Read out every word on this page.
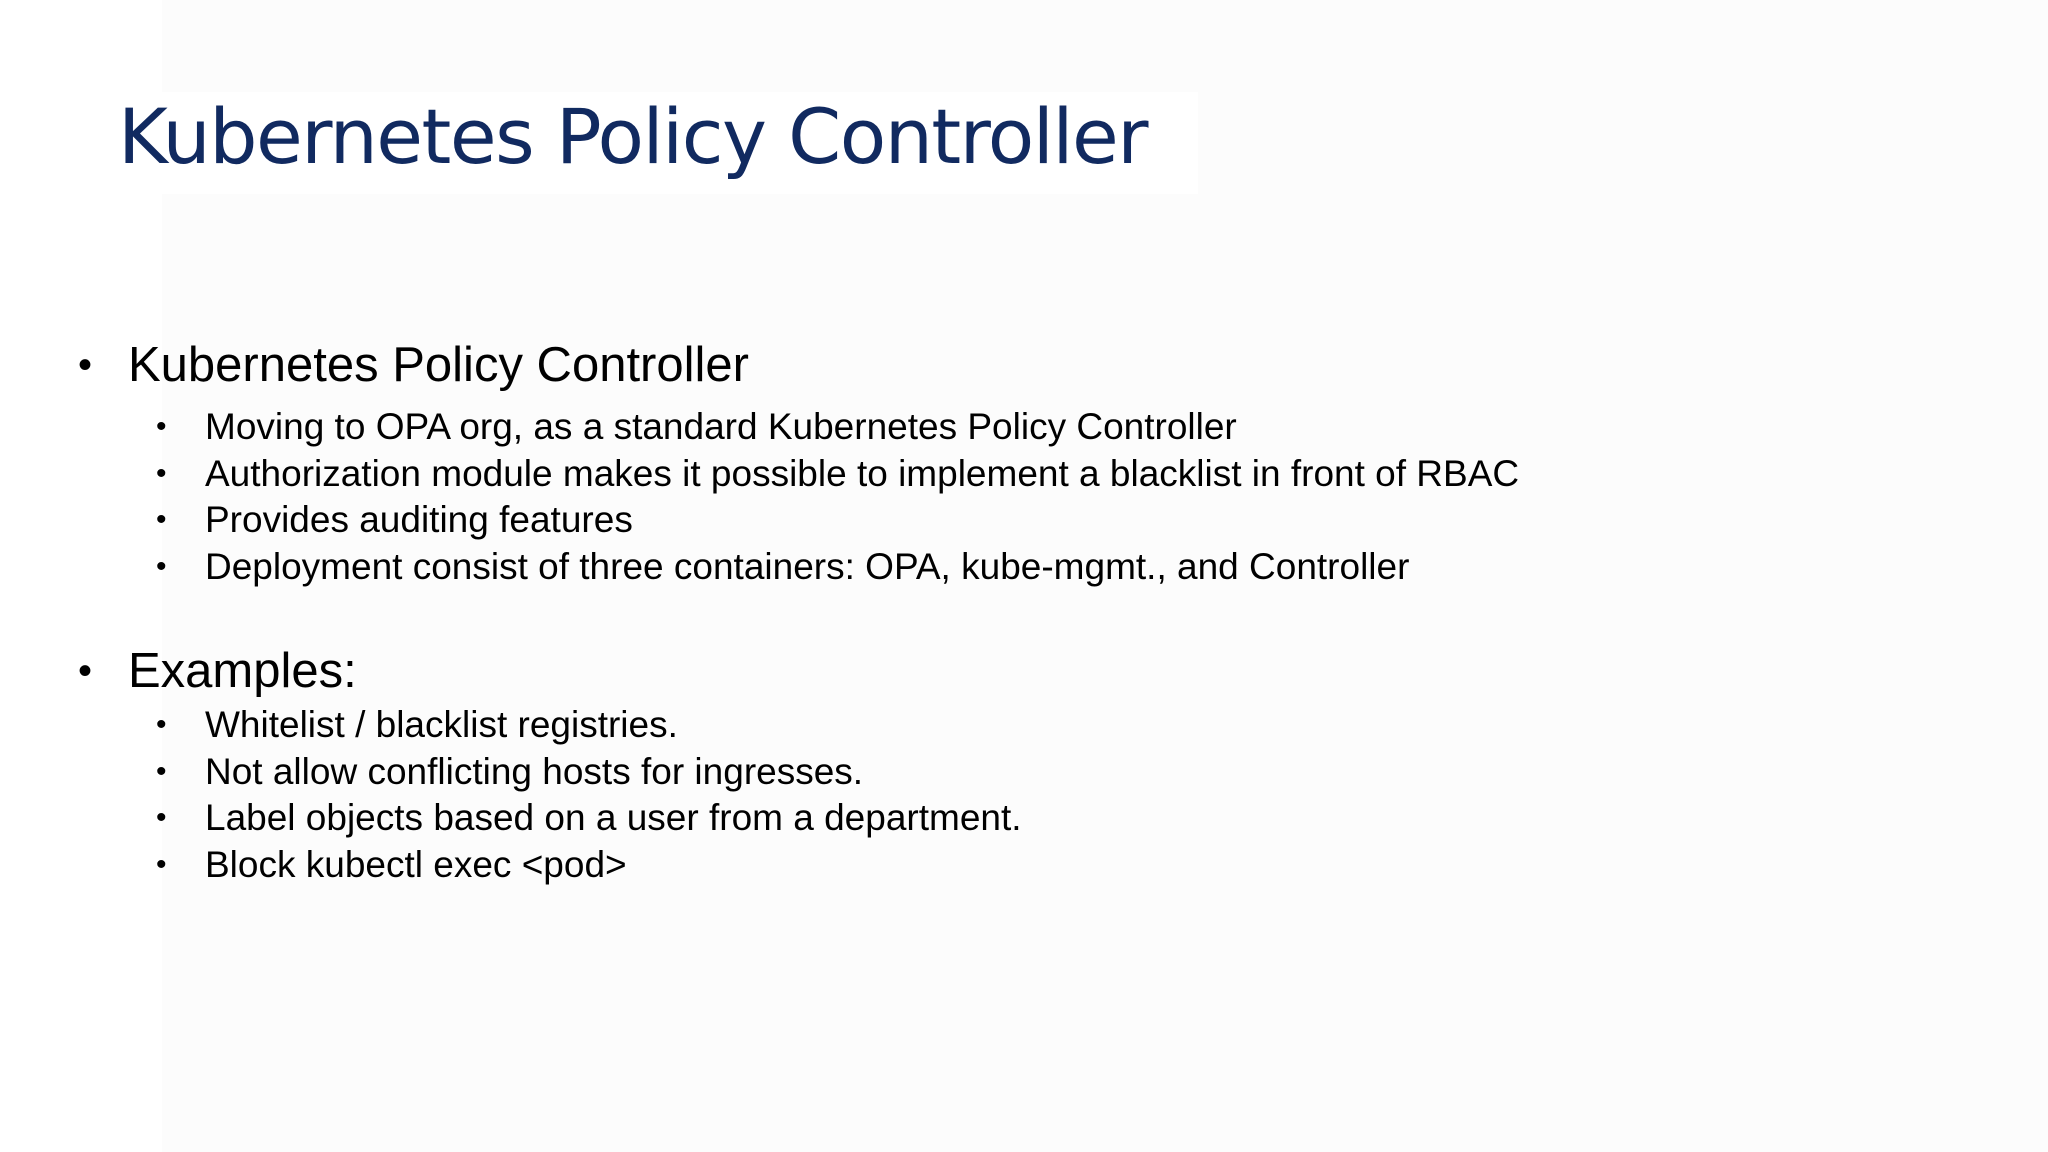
Kubernetes Policy Controller
• Kubernetes Policy Controller
• Moving to OPA org, as a standard Kubernetes Policy Controller
• Authorization module makes it possible to implement a blacklist in front of RBAC
• Provides auditing features
• Deployment consist of three containers: OPA, kube-mgmt., and Controller
• Examples:
• Whitelist / blacklist registries.
• Not allow conflicting hosts for ingresses.
• Label objects based on a user from a department.
• Block kubectl exec <pod>
